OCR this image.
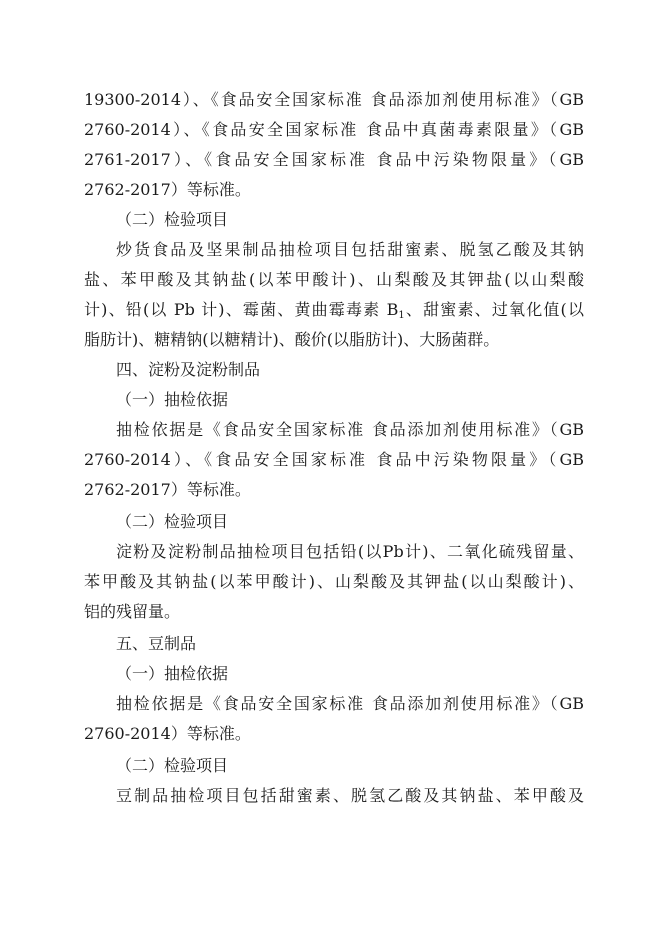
19300-2014）、《食品安全国家标准 食品添加剂使用标准》（GB
2760-2014）、《食品安全国家标准 食品中真菌毒素限量》（GB
2761-2017）、《食品安全国家标准 食品中污染物限量》（GB
2762-2017）等标准。
（二）检验项目
炒货食品及坚果制品抽检项目包括甜蜜素、脱氢乙酸及其钠
盐、苯甲酸及其钠盐(以苯甲酸计)、山梨酸及其钾盐(以山梨酸
计)、铅(以 Pb 计)、霉菌、黄曲霉毒素 $B_1$、甜蜜素、过氧化值(以
脂肪计)、糖精钠(以糖精计)、酸价(以脂肪计)、大肠菌群。
四、淀粉及淀粉制品
（一）抽检依据
抽检依据是《食品安全国家标准 食品添加剂使用标准》（GB
2760-2014）、《食品安全国家标准 食品中污染物限量》（GB
2762-2017）等标准。
（二）检验项目
淀粉及淀粉制品抽检项目包括铅(以Pb计)、二氧化硫残留量、
苯甲酸及其钠盐(以苯甲酸计)、山梨酸及其钾盐(以山梨酸计)、
铝的残留量。
五、豆制品
（一）抽检依据
抽检依据是《食品安全国家标准 食品添加剂使用标准》（GB
2760-2014）等标准。
（二）检验项目
豆制品抽检项目包括甜蜜素、脱氢乙酸及其钠盐、苯甲酸及
